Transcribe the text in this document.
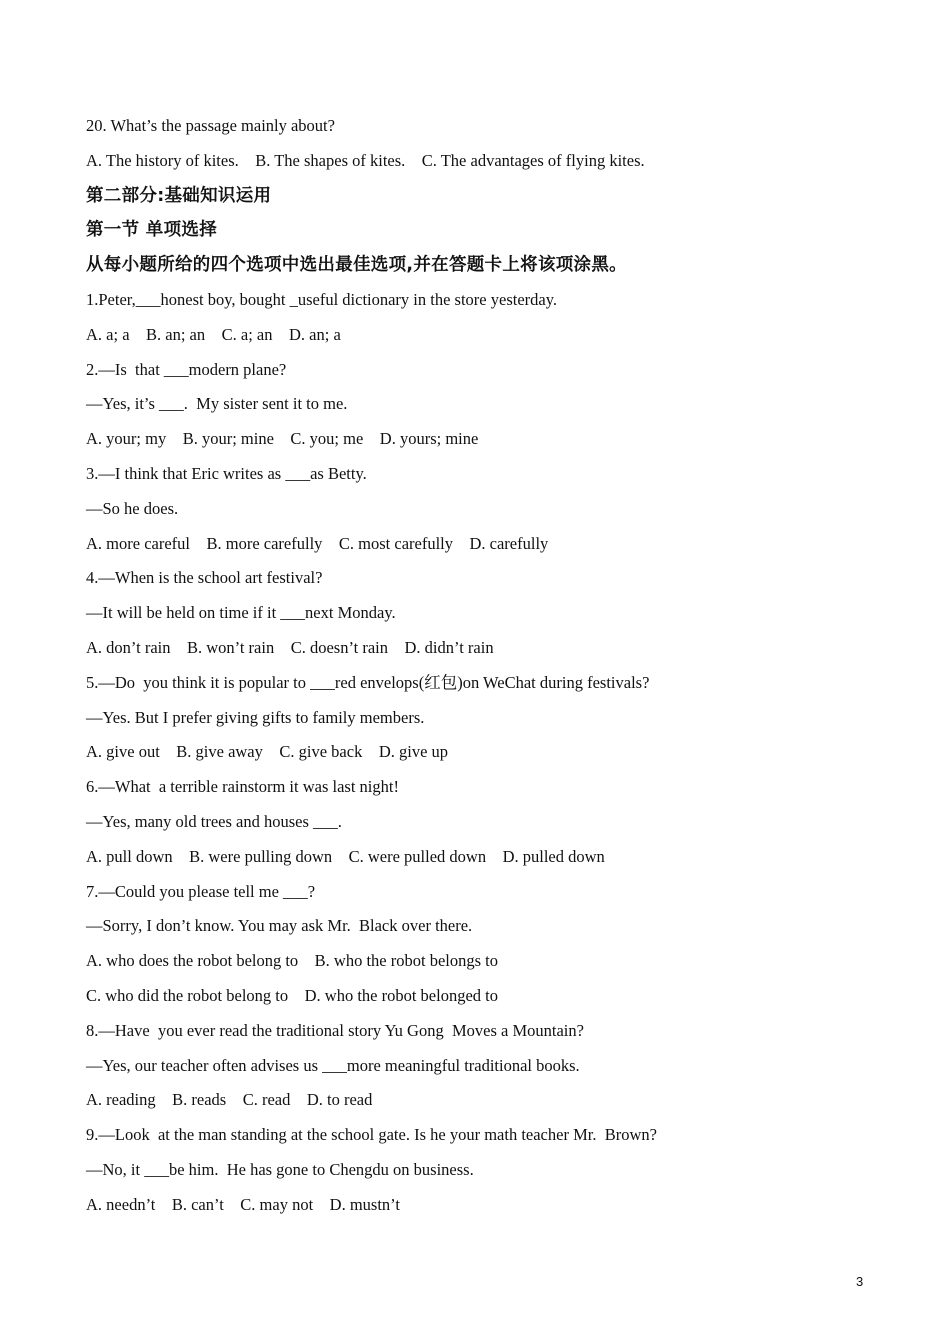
20. What’s the passage mainly about?
A. The history of kites.    B. The shapes of kites.    C. The advantages of flying kites.
第二部分:基础知识运用
第一节 单项选择
从每小题所给的四个选项中选出最佳选项,并在答题卡上将该项涂黑。
1.Peter,___honest boy, bought _useful dictionary in the store yesterday.
A. a; a    B. an; an    C. a; an    D. an; a
2.—Is  that ___modern plane?
—Yes, it’s ___.  My sister sent it to me.
A. your; my    B. your; mine    C. you; me    D. yours; mine
3.—I think that Eric writes as ___as Betty.
—So he does.
A. more careful    B. more carefully    C. most carefully    D. carefully
4.—When is the school art festival?
—It will be held on time if it ___next Monday.
A. don’t rain    B. won’t rain    C. doesn’t rain    D. didn’t rain
5.—Do  you think it is popular to ___red envelops(红包)on WeChat during festivals?
—Yes. But I prefer giving gifts to family members.
A. give out    B. give away    C. give back    D. give up
6.—What  a terrible rainstorm it was last night!
—Yes, many old trees and houses ___.
A. pull down    B. were pulling down    C. were pulled down    D. pulled down
7.—Could you please tell me ___?
—Sorry, I don’t know. You may ask Mr.  Black over there.
A. who does the robot belong to    B. who the robot belongs to
C. who did the robot belong to    D. who the robot belonged to
8.—Have  you ever read the traditional story Yu Gong  Moves a Mountain?
—Yes, our teacher often advises us ___more meaningful traditional books.
A. reading    B. reads    C. read    D. to read
9.—Look  at the man standing at the school gate. Is he your math teacher Mr.  Brown?
—No, it ___be him.  He has gone to Chengdu on business.
A. needn’t    B. can’t    C. may not    D. mustn’t
3
